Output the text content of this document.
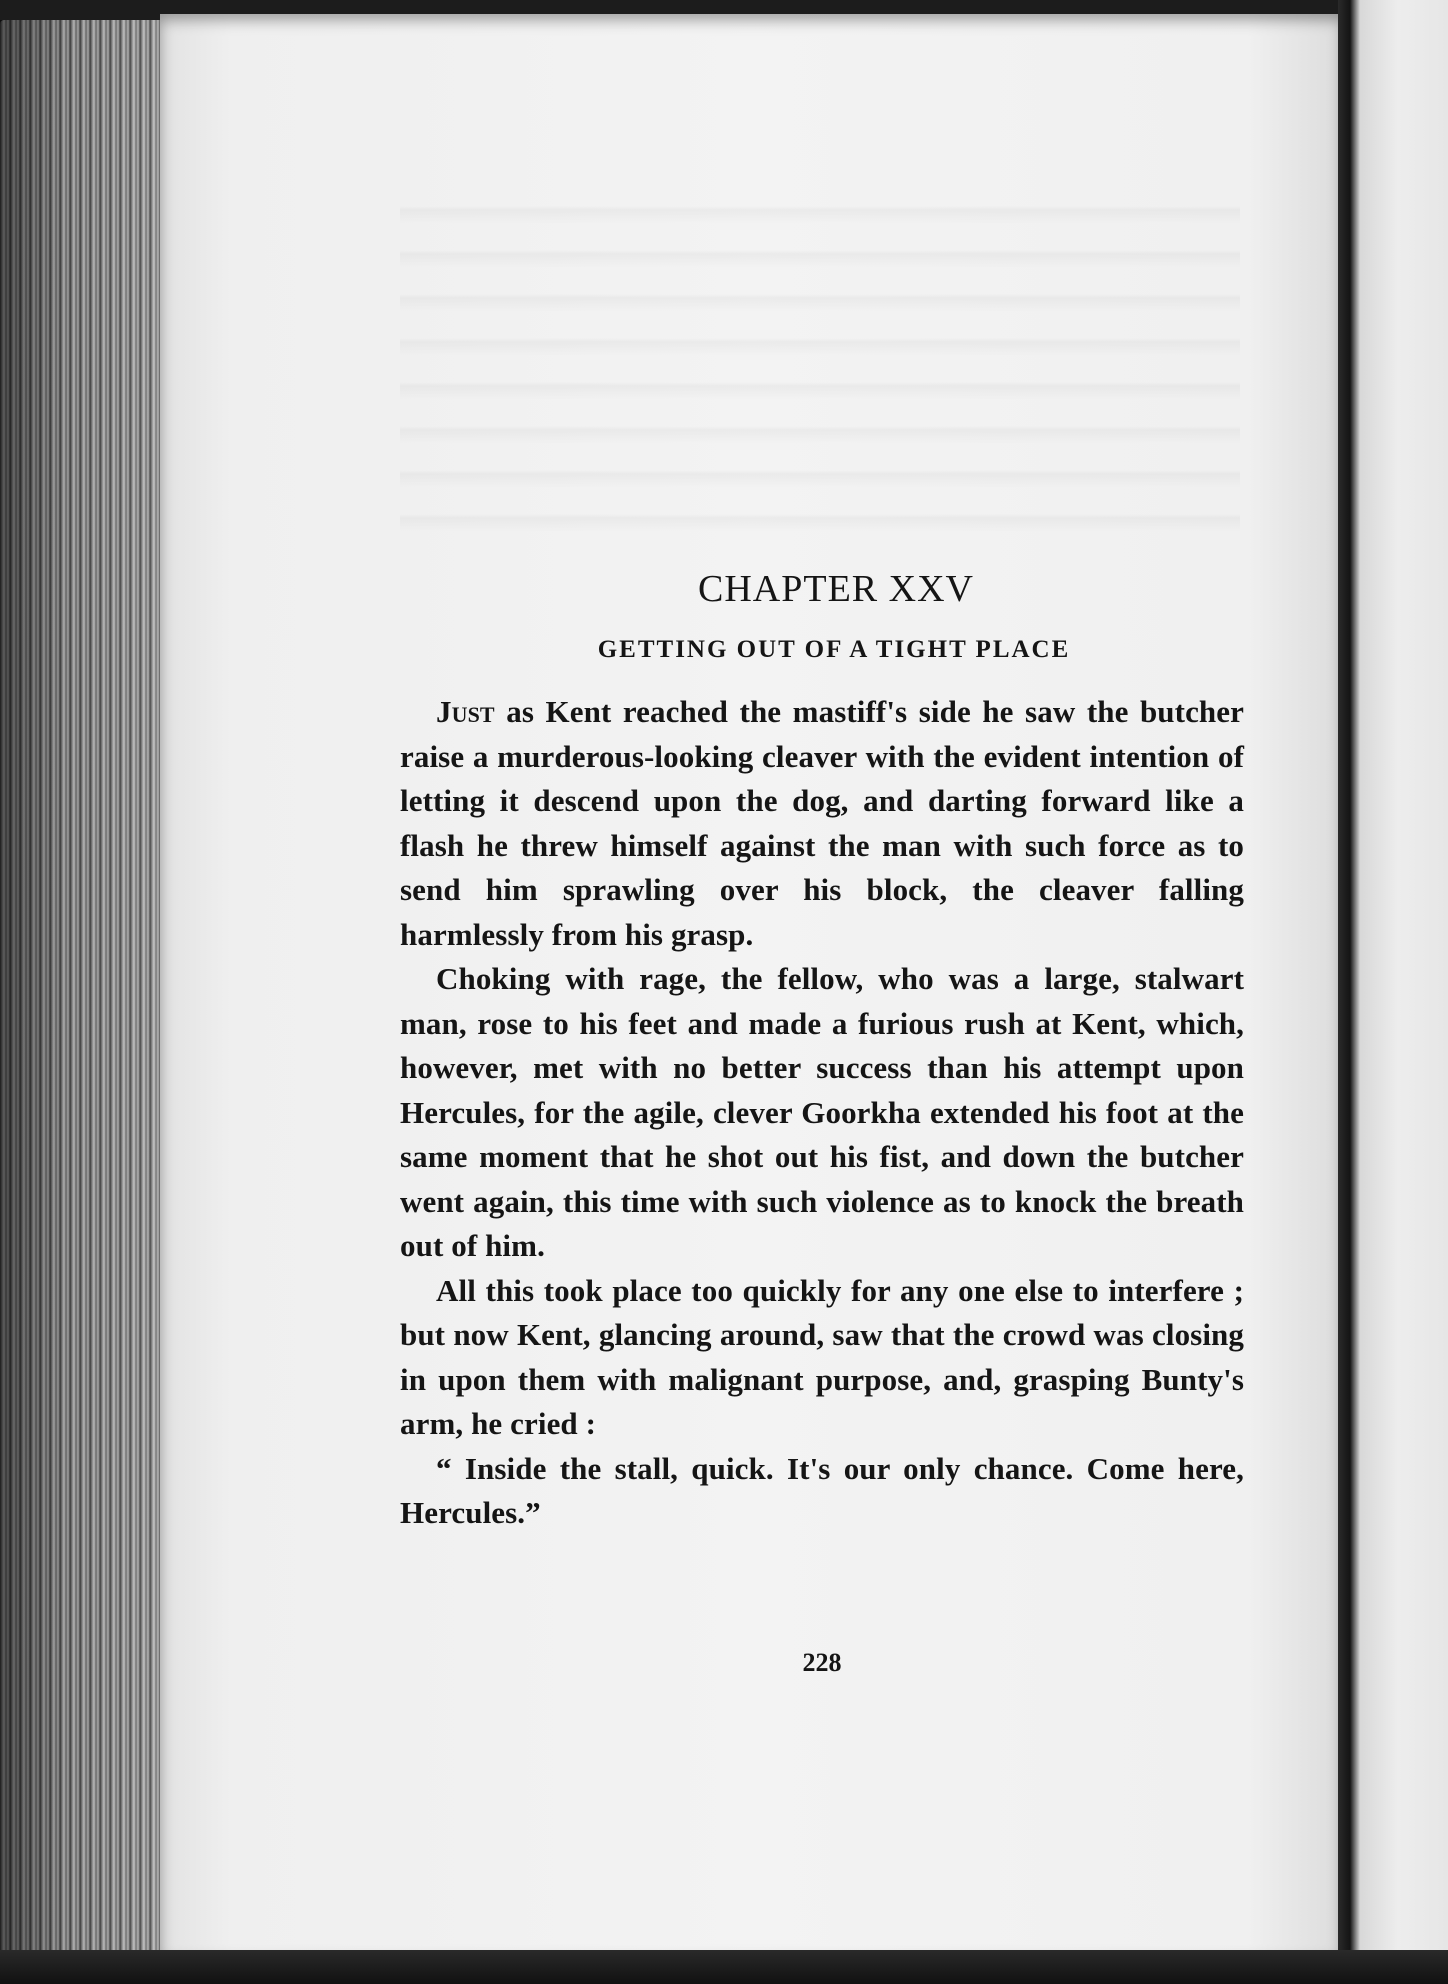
CHAPTER XXV
GETTING OUT OF A TIGHT PLACE

Just as Kent reached the mastiff's side he saw the butcher raise a murderous-looking cleaver with the evident intention of letting it descend upon the dog, and darting forward like a flash he threw himself against the man with such force as to send him sprawling over his block, the cleaver falling harmlessly from his grasp.

Choking with rage, the fellow, who was a large, stalwart man, rose to his feet and made a furious rush at Kent, which, however, met with no better success than his attempt upon Hercules, for the agile, clever Goorkha extended his foot at the same moment that he shot out his fist, and down the butcher went again, this time with such violence as to knock the breath out of him.

All this took place too quickly for any one else to interfere ; but now Kent, glancing around, saw that the crowd was closing in upon them with malignant purpose, and, grasping Bunty's arm, he cried :

“ Inside the stall, quick. It's our only chance. Come here, Hercules.”

228
